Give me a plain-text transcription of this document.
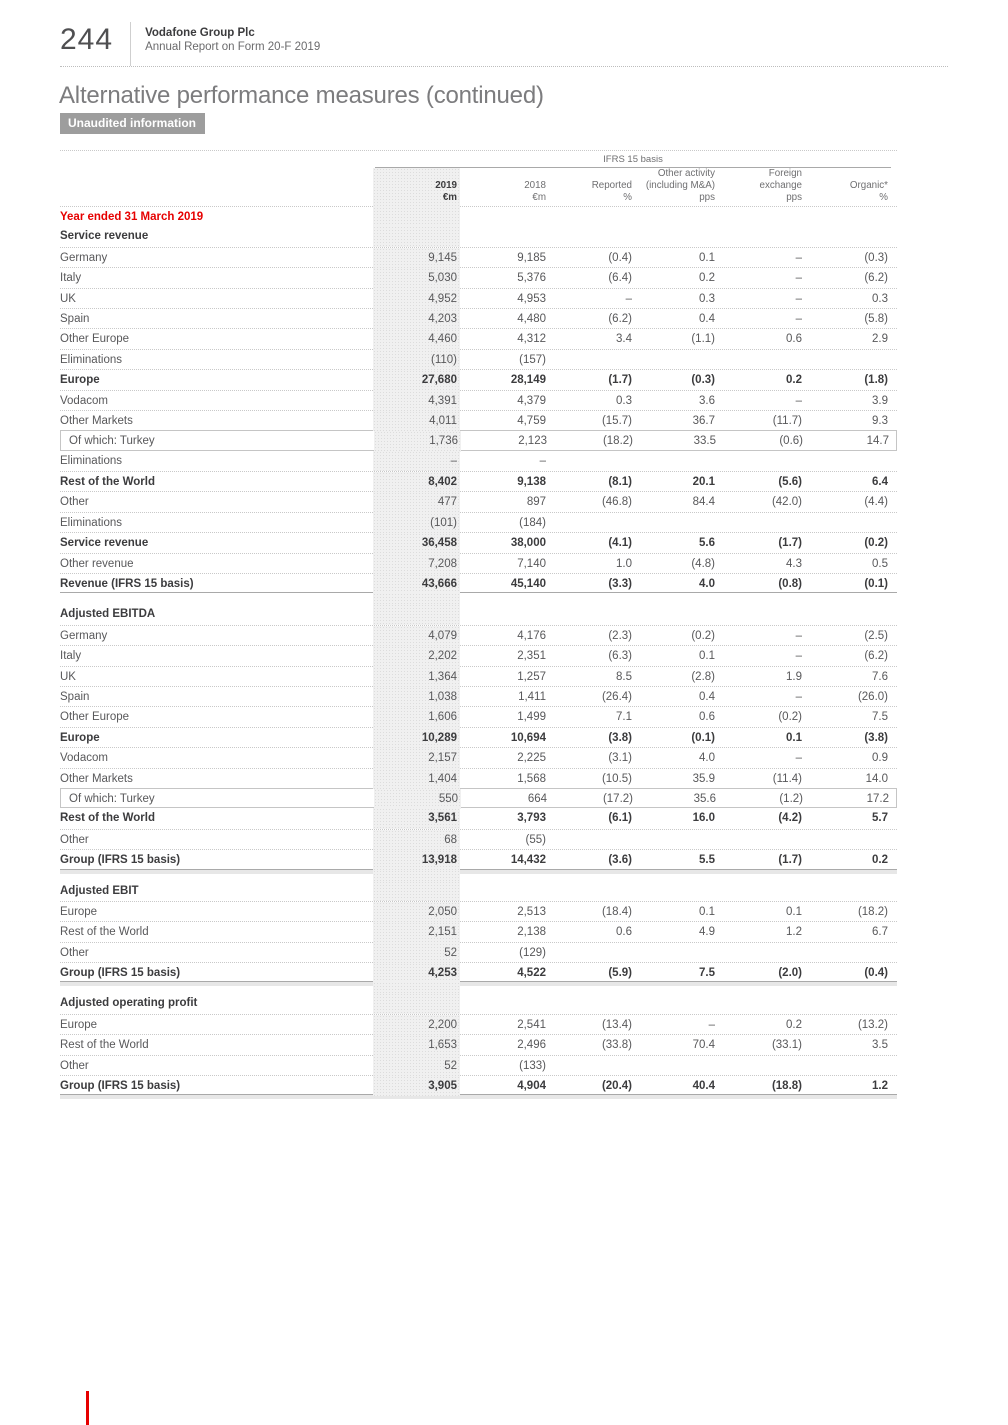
244	Vodafone Group Plc
Annual Report on Form 20-F 2019
Alternative performance measures (continued)
Unaudited information
IFRS 15 basis
2019
€m
2018
€m
Reported
%
Other activity
(including M&A)
pps
Foreign
exchange
pps
Organic*
%
Year ended 31 March 2019
Service revenue
Germany	9,145	9,185	(0.4)	0.1	–	(0.3)
Italy	5,030	5,376	(6.4)	0.2	–	(6.2)
UK	4,952	4,953	–	0.3	–	0.3
Spain	4,203	4,480	(6.2)	0.4	–	(5.8)
Other Europe	4,460	4,312	3.4	(1.1)	0.6	2.9
Eliminations	(110)	(157)
Europe	27,680	28,149	(1.7)	(0.3)	0.2	(1.8)
Vodacom	4,391	4,379	0.3	3.6	–	3.9
Other Markets	4,011	4,759	(15.7)	36.7	(11.7)	9.3
Of which: Turkey	1,736	2,123	(18.2)	33.5	(0.6)	14.7
Eliminations	–	–
Rest of the World	8,402	9,138	(8.1)	20.1	(5.6)	6.4
Other	477	897	(46.8)	84.4	(42.0)	(4.4)
Eliminations	(101)	(184)
Service revenue	36,458	38,000	(4.1)	5.6	(1.7)	(0.2)
Other revenue	7,208	7,140	1.0	(4.8)	4.3	0.5
Revenue (IFRS 15 basis)	43,666	45,140	(3.3)	4.0	(0.8)	(0.1)
Adjusted EBITDA
Germany	4,079	4,176	(2.3)	(0.2)	–	(2.5)
Italy	2,202	2,351	(6.3)	0.1	–	(6.2)
UK	1,364	1,257	8.5	(2.8)	1.9	7.6
Spain	1,038	1,411	(26.4)	0.4	–	(26.0)
Other Europe	1,606	1,499	7.1	0.6	(0.2)	7.5
Europe	10,289	10,694	(3.8)	(0.1)	0.1	(3.8)
Vodacom	2,157	2,225	(3.1)	4.0	–	0.9
Other Markets	1,404	1,568	(10.5)	35.9	(11.4)	14.0
Of which: Turkey	550	664	(17.2)	35.6	(1.2)	17.2
Rest of the World	3,561	3,793	(6.1)	16.0	(4.2)	5.7
Other	68	(55)
Group (IFRS 15 basis)	13,918	14,432	(3.6)	5.5	(1.7)	0.2
Adjusted EBIT
Europe	2,050	2,513	(18.4)	0.1	0.1	(18.2)
Rest of the World	2,151	2,138	0.6	4.9	1.2	6.7
Other	52	(129)
Group (IFRS 15 basis)	4,253	4,522	(5.9)	7.5	(2.0)	(0.4)
Adjusted operating profit
Europe	2,200	2,541	(13.4)	–	0.2	(13.2)
Rest of the World	1,653	2,496	(33.8)	70.4	(33.1)	3.5
Other	52	(133)
Group (IFRS 15 basis)	3,905	4,904	(20.4)	40.4	(18.8)	1.2
